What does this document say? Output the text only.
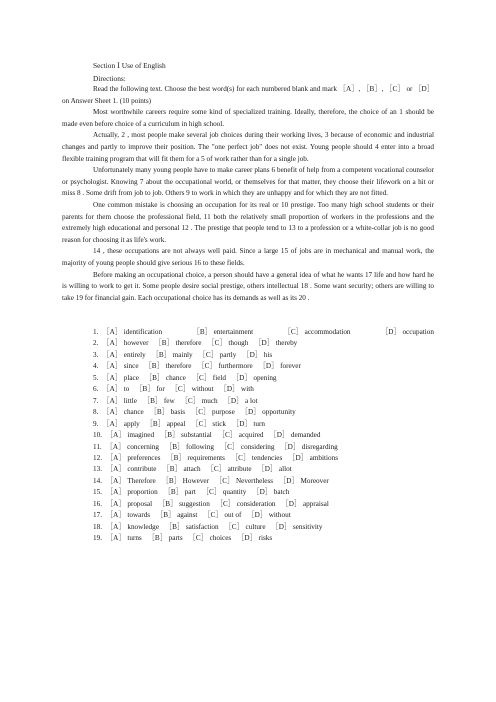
Section Ⅰ Use of English
Directions:

Read the following text. Choose the best word(s) for each numbered blank and mark ［A］, ［B］, ［C］ or ［D］ on Answer Sheet 1. (10 points)

Most worthwhile careers require some kind of specialized training. Ideally, therefore, the choice of an 1 should be made even before choice of a curriculum in high school.

Actually, 2 , most people make several job choices during their working lives, 3 because of economic and industrial changes and partly to improve their position. The "one perfect job" does not exist. Young people should 4 enter into a broad flexible training program that will fit them for a 5 of work rather than for a single job.

Unfortunately many young people have to make career plans 6 benefit of help from a competent vocational counselor or psychologist. Knowing 7 about the occupational world, or themselves for that matter, they choose their lifework on a hit or miss 8 . Some drift from job to job. Others 9 to work in which they are unhappy and for which they are not fitted.

One common mistake is choosing an occupation for its real or 10 prestige. Too many high school students or their parents for them choose the professional field, 11 both the relatively small proportion of workers in the professions and the extremely high educational and personal 12 . The prestige that people tend to 13 to a profession or a white-collar job is no good reason for choosing it as life's work.

14 , these occupations are not always well paid. Since a large 15 of jobs are in mechanical and manual work, the majority of young people should give serious 16 to these fields.

Before making an occupational choice, a person should have a general idea of what he wants 17 life and how hard he is willing to work to get it. Some people desire social prestige, others intellectual 18 . Some want security; others are willing to take 19 for financial gain. Each occupational choice has its demands as well as its 20 .

1. ［A］ identification	［B］ entertainment	［C］ accommodation	［D］ occupation
2. ［A］ however ［B］ therefore ［C］ though ［D］ thereby
3. ［A］ entirely ［B］ mainly ［C］ partly ［D］ his
4. ［A］ since ［B］ therefore ［C］ furthermore ［D］ forever
5. ［A］ place ［B］ chance ［C］ field ［D］ opening
6. ［A］ to ［B］ for ［C］ without ［D］ with
7. ［A］ little ［B］ few ［C］ much ［D］ a lot
8. ［A］ chance ［B］ basis ［C］ purpose ［D］ opportunity
9. ［A］ apply ［B］ appeal ［C］ stick ［D］ turn
10. ［A］ imagined ［B］ substantial ［C］ acquired ［D］ demanded
11. ［A］ concerning ［B］ following ［C］ considering ［D］ disregarding
12. ［A］ preferences ［B］ requirements ［C］ tendencies ［D］ ambitions
13. ［A］ contribute ［B］ attach ［C］ attribute ［D］ allot
14. ［A］ Therefore ［B］ However ［C］ Nevertheless ［D］ Moreover
15. ［A］ proportion ［B］ part ［C］ quantity ［D］ batch
16. ［A］ proposal ［B］ suggestion ［C］ consideration ［D］ appraisal
17. ［A］ towards ［B］ against ［C］ out of ［D］ without
18. ［A］ knowledge ［B］ satisfaction ［C］ culture ［D］ sensitivity
19. ［A］ turns ［B］ parts ［C］ choices ［D］ risks
